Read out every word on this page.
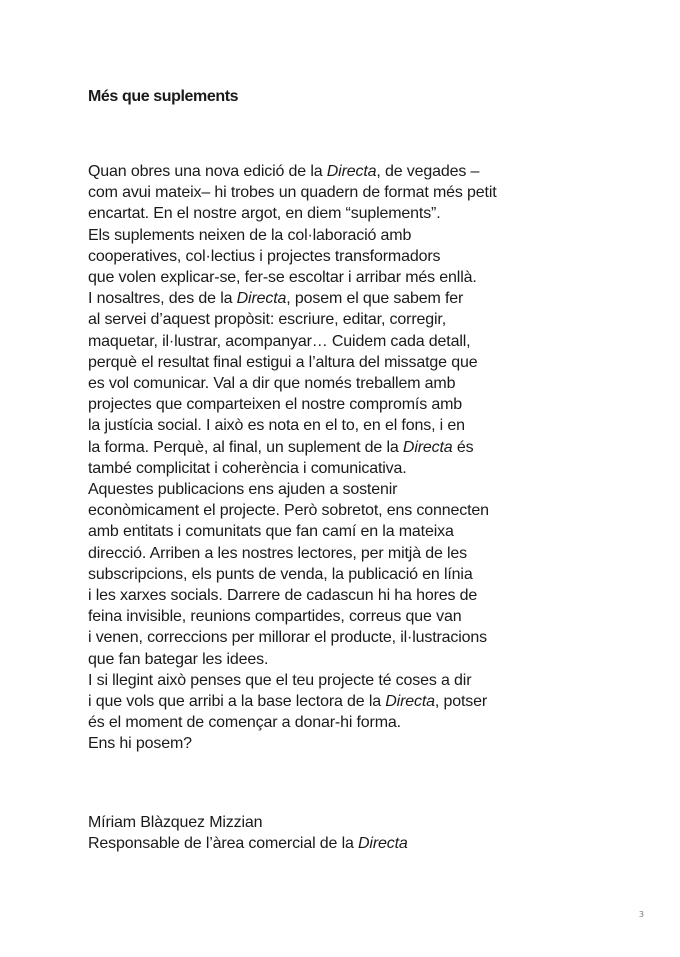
Més que suplements
Quan obres una nova edició de la Directa, de vegades –
com avui mateix– hi trobes un quadern de format més petit
encartat. En el nostre argot, en diem “suplements”.
Els suplements neixen de la col·laboració amb
cooperatives, col·lectius i projectes transformadors
que volen explicar-se, fer-se escoltar i arribar més enllà.
I nosaltres, des de la Directa, posem el que sabem fer
al servei d’aquest propòsit: escriure, editar, corregir,
maquetar, il·lustrar, acompanyar… Cuidem cada detall,
perquè el resultat final estigui a l’altura del missatge que
es vol comunicar. Val a dir que només treballem amb
projectes que comparteixen el nostre compromís amb
la justícia social. I això es nota en el to, en el fons, i en
la forma. Perquè, al final, un suplement de la Directa és
també complicitat i coherència i comunicativa.
Aquestes publicacions ens ajuden a sostenir
econòmicament el projecte. Però sobretot, ens connecten
amb entitats i comunitats que fan camí en la mateixa
direcció. Arriben a les nostres lectores, per mitjà de les
subscripcions, els punts de venda, la publicació en línia
i les xarxes socials. Darrere de cadascun hi ha hores de
feina invisible, reunions compartides, correus que van
i venen, correccions per millorar el producte, il·lustracions
que fan bategar les idees.
I si llegint això penses que el teu projecte té coses a dir
i que vols que arribi a la base lectora de la Directa, potser
és el moment de començar a donar-hi forma.
Ens hi posem?
Míriam Blàzquez Mizzian
Responsable de l’àrea comercial de la Directa
3
